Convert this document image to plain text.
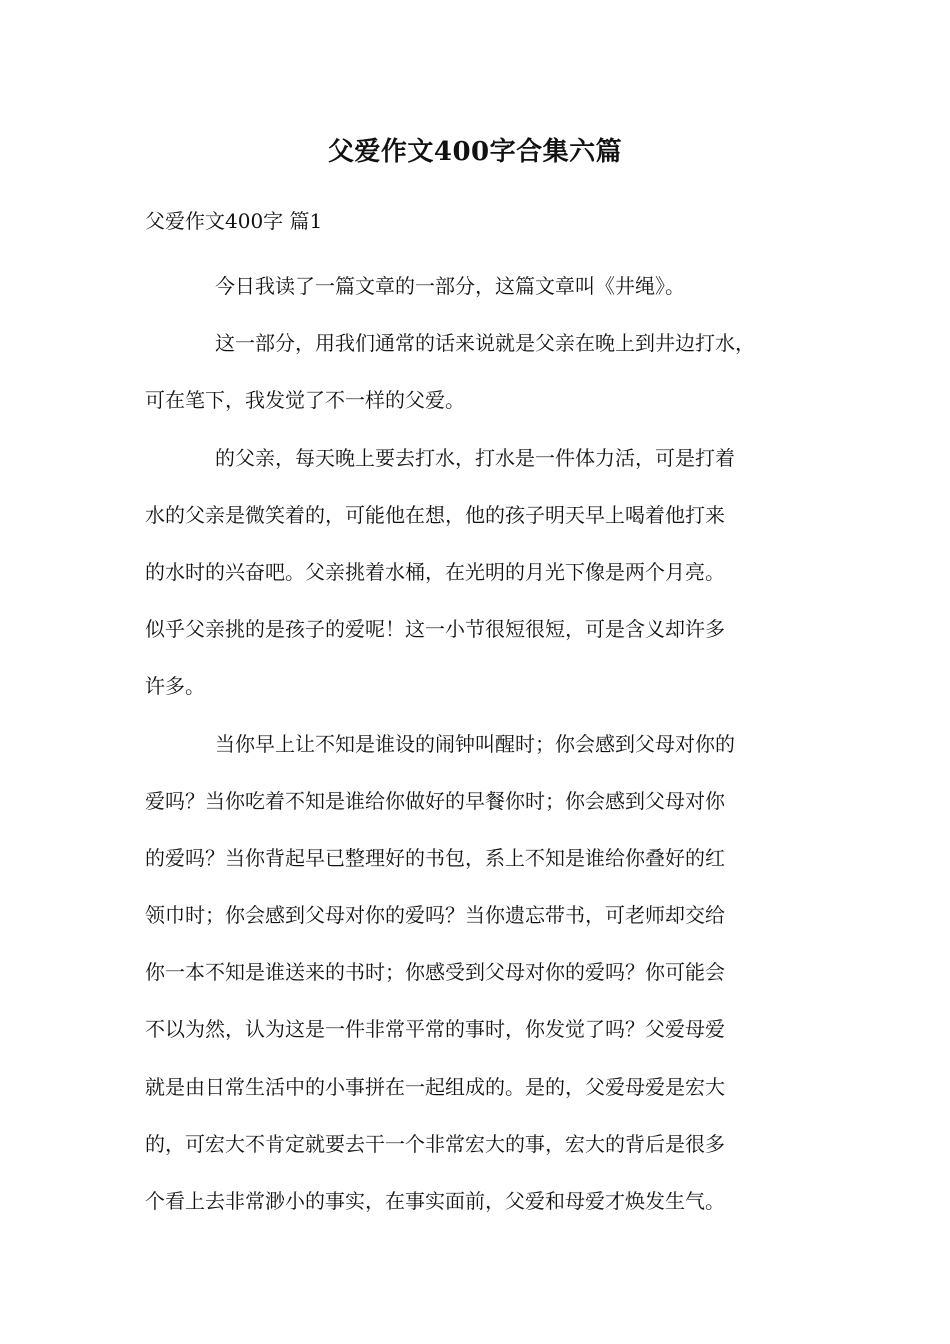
父爱作文400字合集六篇
父爱作文400字 篇1

今日我读了一篇文章的一部分，这篇文章叫《井绳》。

这一部分，用我们通常的话来说就是父亲在晚上到井边打水，
可在笔下，我发觉了不一样的父爱。

的父亲，每天晚上要去打水，打水是一件体力活，可是打着
水的父亲是微笑着的，可能他在想，他的孩子明天早上喝着他打来
的水时的兴奋吧。父亲挑着水桶，在光明的月光下像是两个月亮。
似乎父亲挑的是孩子的爱呢！这一小节很短很短，可是含义却许多
许多。

当你早上让不知是谁设的闹钟叫醒时；你会感到父母对你的
爱吗？当你吃着不知是谁给你做好的早餐你时；你会感到父母对你
的爱吗？当你背起早已整理好的书包，系上不知是谁给你叠好的红
领巾时；你会感到父母对你的爱吗？当你遗忘带书，可老师却交给
你一本不知是谁送来的书时；你感受到父母对你的爱吗？你可能会
不以为然，认为这是一件非常平常的事时，你发觉了吗？父爱母爱
就是由日常生活中的小事拼在一起组成的。是的，父爱母爱是宏大
的，可宏大不肯定就要去干一个非常宏大的事，宏大的背后是很多
个看上去非常渺小的事实，在事实面前，父爱和母爱才焕发生气。
